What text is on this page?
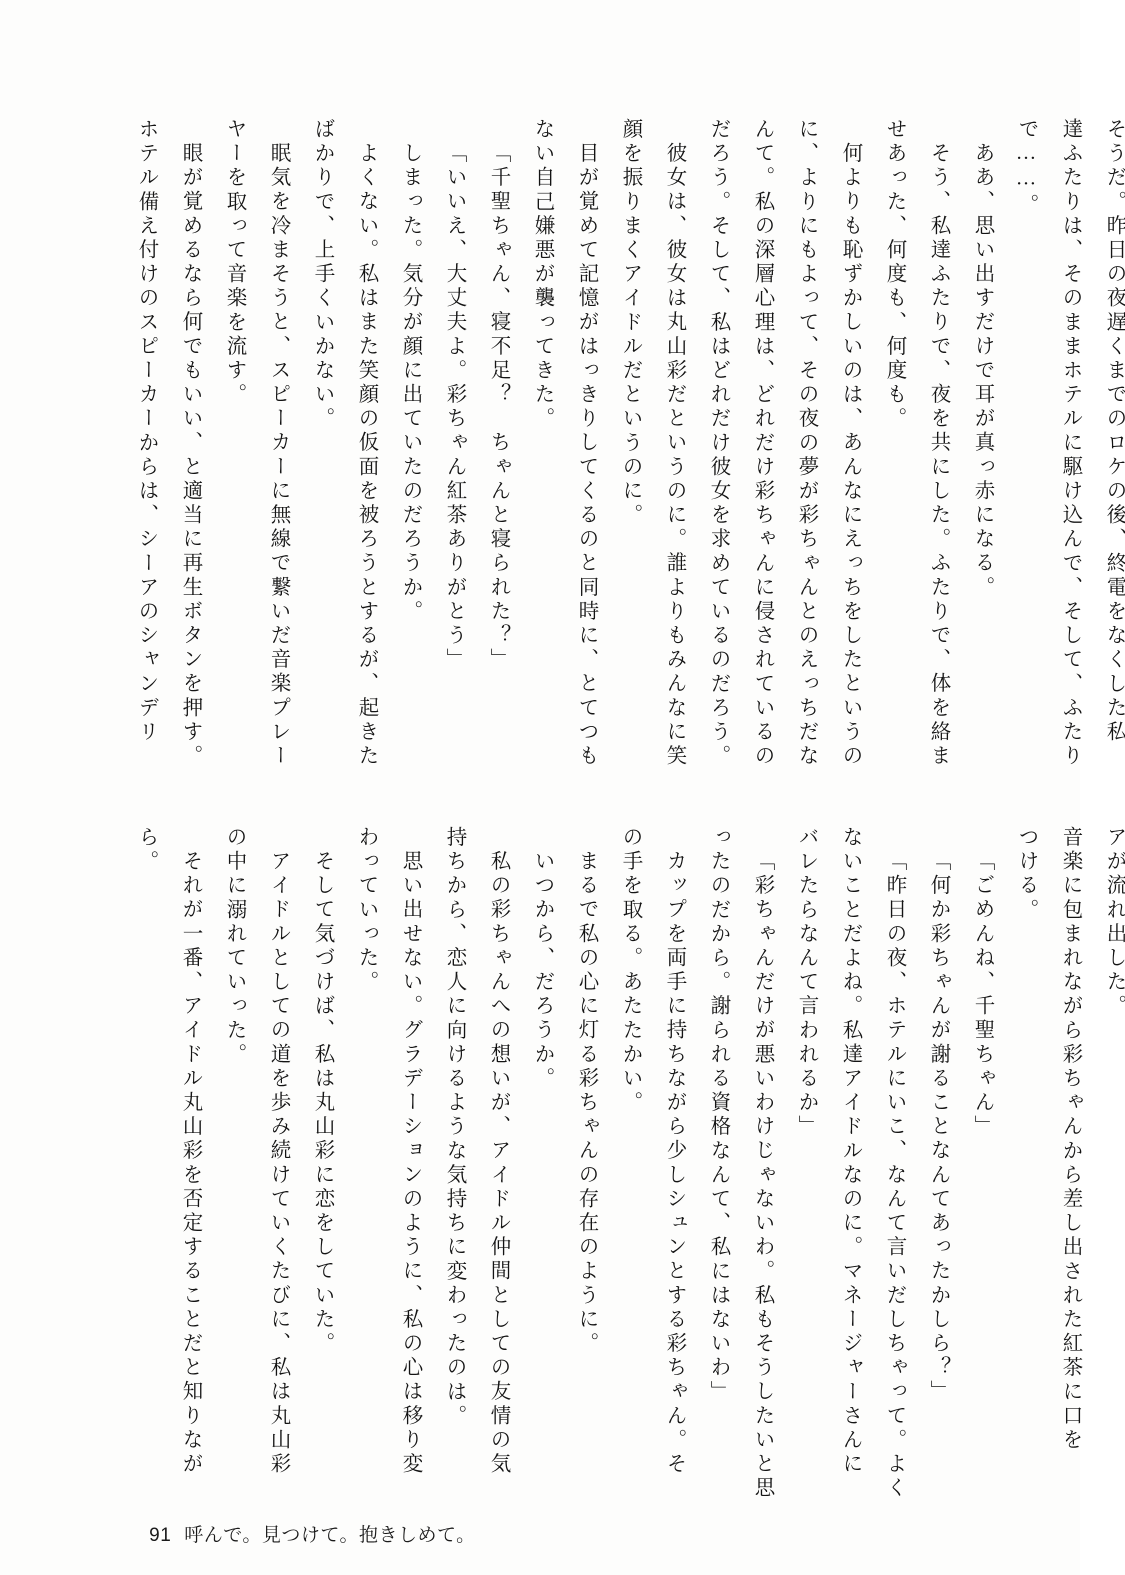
そうだ。昨日の夜遅くまでのロケの後、終電をなくした私
達ふたりは、そのままホテルに駆け込んで、そして、ふたり
で……。
ああ、思い出すだけで耳が真っ赤になる。
そう、私達ふたりで、夜を共にした。ふたりで、体を絡ま
せあった、何度も、何度も。
何よりも恥ずかしいのは、あんなにえっちをしたというの
に、よりにもよって、その夜の夢が彩ちゃんとのえっちだな
んて。私の深層心理は、どれだけ彩ちゃんに侵されているの
だろう。そして、私はどれだけ彼女を求めているのだろう。
彼女は、彼女は丸山彩だというのに。誰よりもみんなに笑
顔を振りまくアイドルだというのに。
目が覚めて記憶がはっきりしてくるのと同時に、とてつも
ない自己嫌悪が襲ってきた。
「千聖ちゃん、寝不足？　ちゃんと寝られた？」
「いいえ、大丈夫よ。彩ちゃん紅茶ありがとう」
しまった。気分が顔に出ていたのだろうか。
よくない。私はまた笑顔の仮面を被ろうとするが、起きた
ばかりで、上手くいかない。
眠気を冷まそうと、スピーカーに無線で繋いだ音楽プレー
ヤーを取って音楽を流す。
眼が覚めるなら何でもいい、と適当に再生ボタンを押す。
ホテル備え付けのスピーカーからは、シーアのシャンデリ
アが流れ出した。
音楽に包まれながら彩ちゃんから差し出された紅茶に口を
つける。
「ごめんね、千聖ちゃん」
「何か彩ちゃんが謝ることなんてあったかしら？」
「昨日の夜、ホテルにいこ、なんて言いだしちゃって。よく
ないことだよね。私達アイドルなのに。マネージャーさんに
バレたらなんて言われるか」
「彩ちゃんだけが悪いわけじゃないわ。私もそうしたいと思
ったのだから。謝られる資格なんて、私にはないわ」
カップを両手に持ちながら少しシュンとする彩ちゃん。そ
の手を取る。あたたかい。
まるで私の心に灯る彩ちゃんの存在のように。
いつから、だろうか。
私の彩ちゃんへの想いが、アイドル仲間としての友情の気
持ちから、恋人に向けるような気持ちに変わったのは。
思い出せない。グラデーションのように、私の心は移り変
わっていった。
そして気づけば、私は丸山彩に恋をしていた。
アイドルとしての道を歩み続けていくたびに、私は丸山彩
の中に溺れていった。
それが一番、アイドル丸山彩を否定することだと知りなが
ら。

91 呼んで。見つけて。抱きしめて。
